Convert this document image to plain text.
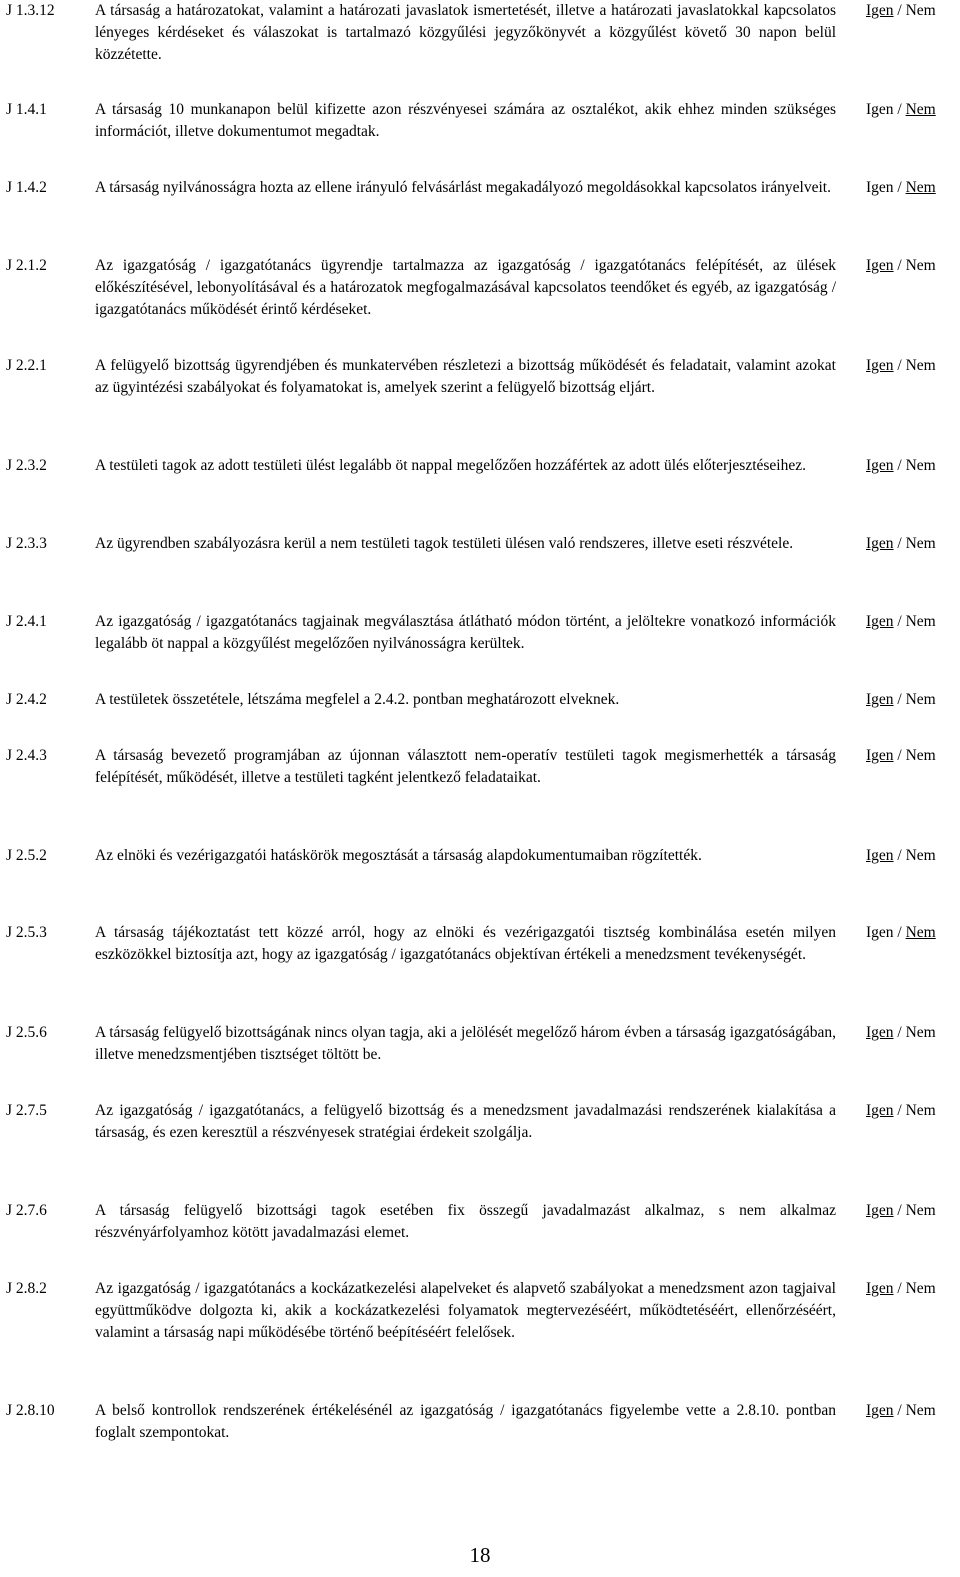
J 1.3.12	A társaság a határozatokat, valamint a határozati javaslatok ismertetését, illetve a határozati javaslatokkal kapcsolatos lényeges kérdéseket és válaszokat is tartalmazó közgyűlési jegyzőkönyvét a közgyűlést követő 30 napon belül közzétette.
Igen / Nem
J 1.4.1	A társaság 10 munkanapon belül kifizette azon részvényesei számára az osztalékot, akik ehhez minden szükséges információt, illetve dokumentumot megadtak.
Igen / Nem
J 1.4.2	A társaság nyilvánosságra hozta az ellene irányuló felvásárlást megakadályozó megoldásokkal kapcsolatos irányelveit.	Igen / Nem
J 2.1.2	Az igazgatóság / igazgatótanács ügyrendje tartalmazza az igazgatóság / igazgatótanács felépítését, az ülések előkészítésével, lebonyolításával és a határozatok megfogalmazásával kapcsolatos teendőket és egyéb, az igazgatóság / igazgatótanács működését érintő kérdéseket.
Igen / Nem
J 2.2.1	A felügyelő bizottság ügyrendjében és munkatervében részletezi a bizottság működését és feladatait, valamint azokat az ügyintézési szabályokat és folyamatokat is, amelyek szerint a felügyelő bizottság eljárt.
Igen / Nem
J 2.3.2	A testületi tagok az adott testületi ülést legalább öt nappal megelőzően hozzáfértek az adott ülés előterjesztéseihez.	Igen / Nem
J 2.3.3	Az ügyrendben szabályozásra kerül a nem testületi tagok testületi ülésen való rendszeres, illetve eseti részvétele.	Igen / Nem
J 2.4.1	Az igazgatóság / igazgatótanács tagjainak megválasztása átlátható módon történt, a jelöltekre vonatkozó információk legalább öt nappal a közgyűlést megelőzően nyilvánosságra kerültek.
Igen / Nem
J 2.4.2	A testületek összetétele, létszáma megfelel a 2.4.2. pontban meghatározott elveknek.	Igen / Nem
J 2.4.3	A társaság bevezető programjában az újonnan választott nem-operatív testületi tagok megismerhették a társaság felépítését, működését, illetve a testületi tagként jelentkező feladataikat.
Igen / Nem
J 2.5.2	Az elnöki és vezérigazgatói hatáskörök megosztását a társaság alapdokumentumaiban rögzítették.	Igen / Nem
J 2.5.3	A társaság tájékoztatást tett közzé arról, hogy az elnöki és vezérigazgatói tisztség kombinálása esetén milyen eszközökkel biztosítja azt, hogy az igazgatóság / igazgatótanács objektívan értékeli a menedzsment tevékenységét.
Igen / Nem
J 2.5.6	A társaság felügyelő bizottságának nincs olyan tagja, aki a jelölését megelőző három évben a társaság igazgatóságában, illetve menedzsmentjében tisztséget töltött be.
Igen / Nem
J 2.7.5	Az igazgatóság / igazgatótanács, a felügyelő bizottság és a menedzsment javadalmazási rendszerének kialakítása a társaság, és ezen keresztül a részvényesek stratégiai érdekeit szolgálja.
Igen / Nem
J 2.7.6	A társaság felügyelő bizottsági tagok esetében fix összegű javadalmazást alkalmaz, s nem alkalmaz részvényárfolyamhoz kötött javadalmazási elemet.
Igen / Nem
J 2.8.2	Az igazgatóság / igazgatótanács a kockázatkezelési alapelveket és alapvető szabályokat a menedzsment azon tagjaival együttműködve dolgozta ki, akik a kockázatkezelési folyamatok megtervezéséért, működtetéséért, ellenőrzéséért, valamint a társaság napi működésébe történő beépítéséért felelősek.
Igen / Nem
J 2.8.10	A belső kontrollok rendszerének értékelésénél az igazgatóság / igazgatótanács figyelembe vette a 2.8.10. pontban foglalt szempontokat.
Igen / Nem
18
